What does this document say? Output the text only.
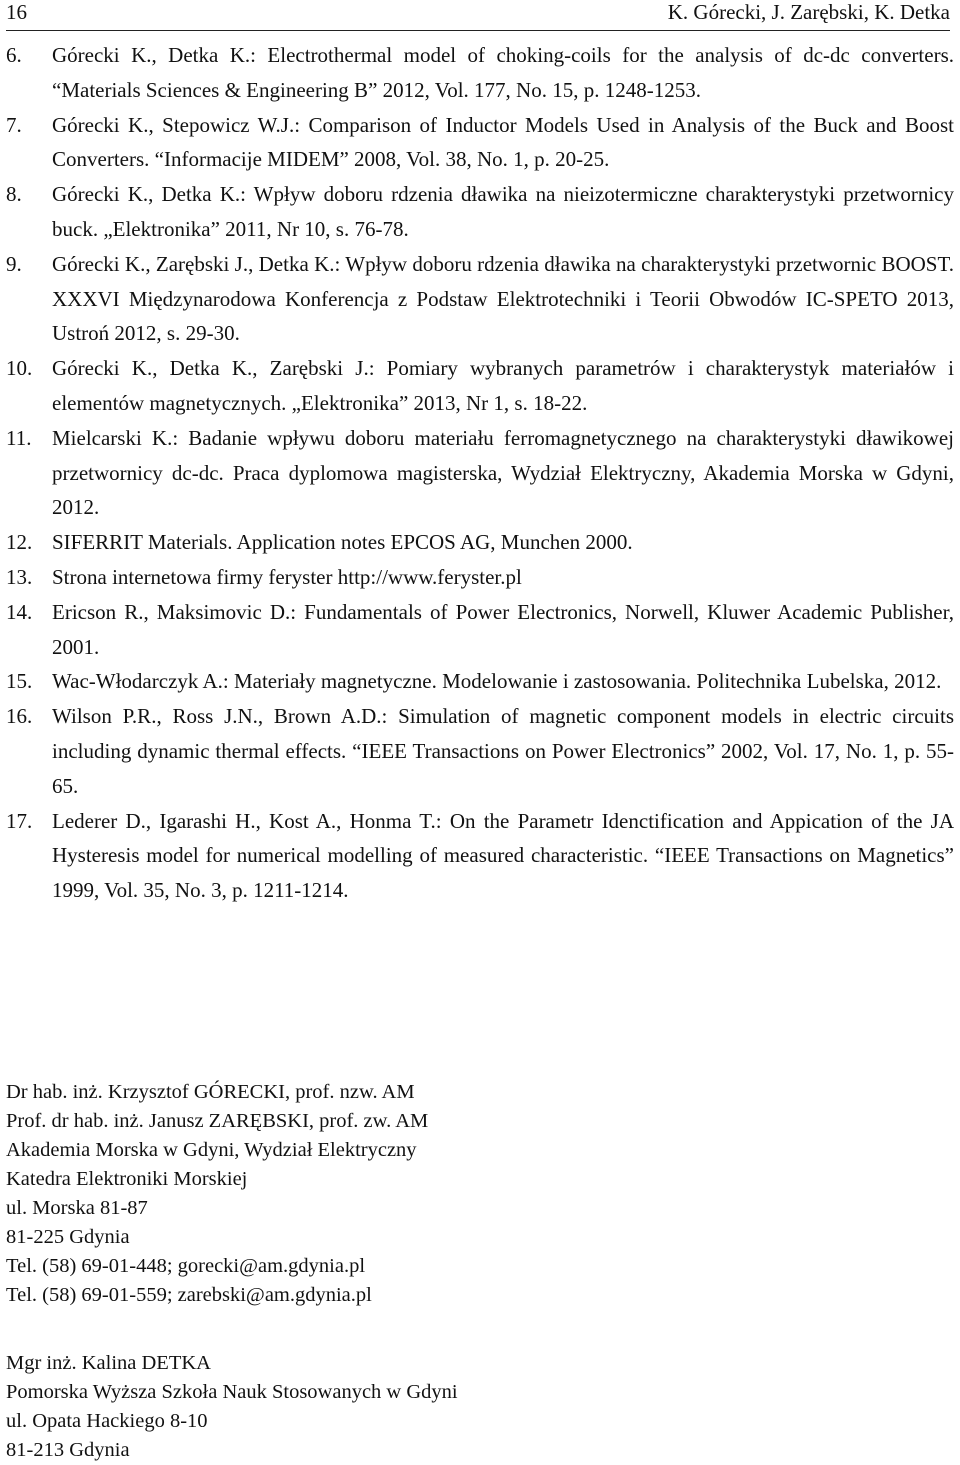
16	K. Górecki, J. Zarębski, K. Detka
6.	Górecki K., Detka K.: Electrothermal model of choking-coils for the analysis of dc-dc converters. “Materials Sciences & Engineering B” 2012, Vol. 177, No. 15, p. 1248-1253.
7.	Górecki K., Stepowicz W.J.: Comparison of Inductor Models Used in Analysis of the Buck and Boost Converters. “Informacije MIDEM” 2008, Vol. 38, No. 1, p. 20-25.
8.	Górecki K., Detka K.: Wpływ doboru rdzenia dławika na nieizotermiczne charakterystyki przetwornicy buck. „Elektronika” 2011, Nr 10, s. 76-78.
9.	Górecki K., Zarębski J., Detka K.: Wpływ doboru rdzenia dławika na charakterystyki przetwornic BOOST. XXXVI Międzynarodowa Konferencja z Podstaw Elektrotechniki i Teorii Obwodów IC-SPETO 2013, Ustroń 2012, s. 29-30.
10. Górecki K., Detka K., Zarębski J.: Pomiary wybranych parametrów i charakterystyk materiałów i elementów magnetycznych. „Elektronika” 2013, Nr 1, s. 18-22.
11. Mielcarski K.: Badanie wpływu doboru materiału ferromagnetycznego na charakterystyki dławikowej przetwornicy dc-dc. Praca dyplomowa magisterska, Wydział Elektryczny, Akademia Morska w Gdyni, 2012.
12. SIFERRIT Materials. Application notes EPCOS AG, Munchen 2000.
13. Strona internetowa firmy feryster http://www.feryster.pl
14. Ericson R., Maksimovic D.: Fundamentals of Power Electronics, Norwell, Kluwer Academic Publisher, 2001.
15. Wac-Włodarczyk A.: Materiały magnetyczne. Modelowanie i zastosowania. Politechnika Lubelska, 2012.
16. Wilson P.R., Ross J.N., Brown A.D.: Simulation of magnetic component models in electric circuits including dynamic thermal effects. “IEEE Transactions on Power Electronics” 2002, Vol. 17, No. 1, p. 55-65.
17. Lederer D., Igarashi H., Kost A., Honma T.: On the Parametr Idenctification and Appication of the JA Hysteresis model for numerical modelling of measured characteristic. “IEEE Transactions on Magnetics” 1999, Vol. 35, No. 3, p. 1211-1214.
Dr hab. inż. Krzysztof GÓRECKI, prof. nzw. AM
Prof. dr hab. inż. Janusz ZARĘBSKI, prof. zw. AM
Akademia Morska w Gdyni, Wydział Elektryczny
Katedra Elektroniki Morskiej
ul. Morska 81-87
81-225 Gdynia
Tel. (58) 69-01-448; gorecki@am.gdynia.pl
Tel. (58) 69-01-559; zarebski@am.gdynia.pl
Mgr inż. Kalina DETKA
Pomorska Wyższa Szkoła Nauk Stosowanych w Gdyni
ul. Opata Hackiego 8-10
81-213 Gdynia
